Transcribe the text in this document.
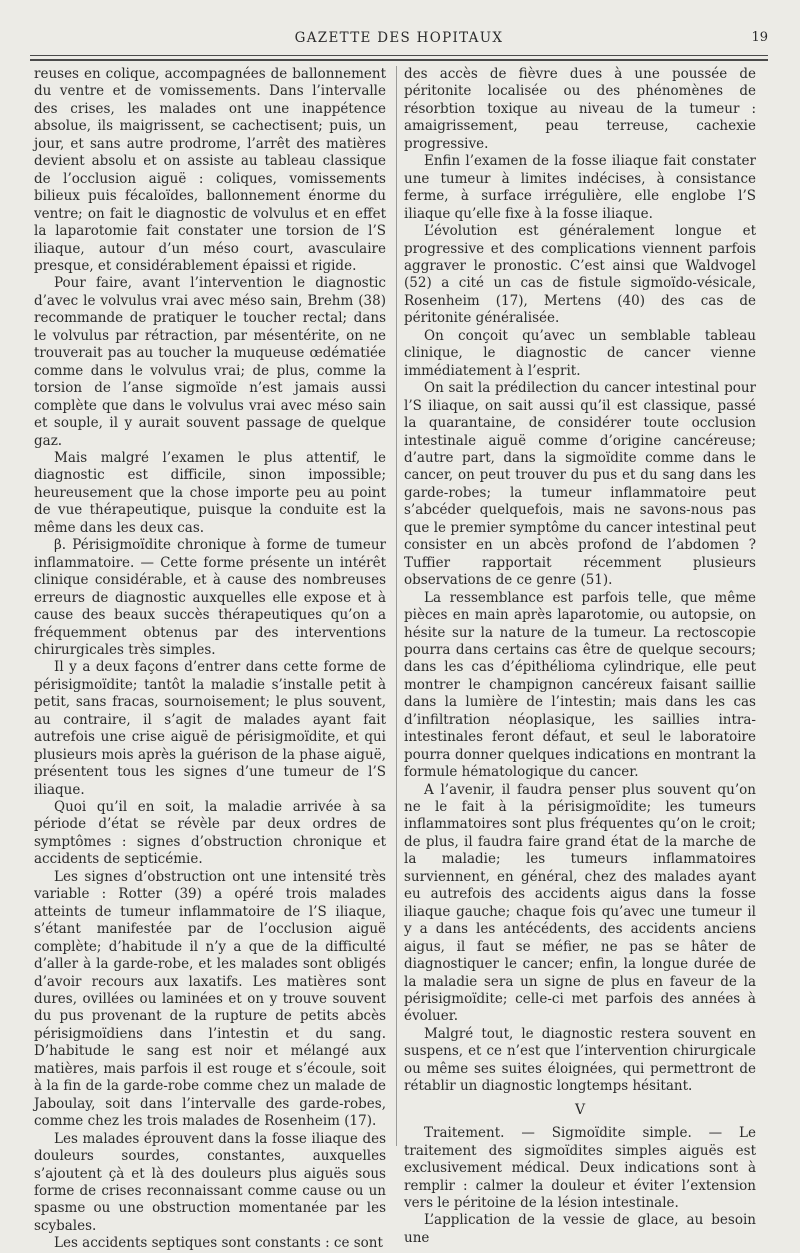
GAZETTE DES HOPITAUX	19

reuses en colique, accompagnées de ballonnement du ventre et de vomissements. Dans l’intervalle des crises, les malades ont une inappétence absolue, ils maigrissent, se cachectisent; puis, un jour, et sans autre prodrome, l’arrêt des matières devient absolu et on assiste au tableau classique de l’occlusion aiguë : coliques, vomissements bilieux puis fécaloïdes, ballonnement énorme du ventre; on fait le diagnostic de volvulus et en effet la laparotomie fait constater une torsion de l’S iliaque, autour d’un méso court, avasculaire presque, et considérablement épaissi et rigide.

Pour faire, avant l’intervention le diagnostic d’avec le volvulus vrai avec méso sain, Brehm (38) recommande de pratiquer le toucher rectal; dans le volvulus par rétraction, par mésentérite, on ne trouverait pas au toucher la muqueuse œdématiée comme dans le volvulus vrai; de plus, comme la torsion de l’anse sigmoïde n’est jamais aussi complète que dans le volvulus vrai avec méso sain et souple, il y aurait souvent passage de quelque gaz.

Mais malgré l’examen le plus attentif, le diagnostic est difficile, sinon impossible; heureusement que la chose importe peu au point de vue thérapeutique, puisque la conduite est la même dans les deux cas.

β. Périsigmoïdite chronique à forme de tumeur inflammatoire. — Cette forme présente un intérêt clinique considérable, et à cause des nombreuses erreurs de diagnostic auxquelles elle expose et à cause des beaux succès thérapeutiques qu’on a fréquemment obtenus par des interventions chirurgicales très simples.

Il y a deux façons d’entrer dans cette forme de périsigmoïdite; tantôt la maladie s’installe petit à petit, sans fracas, sournoisement; le plus souvent, au contraire, il s’agit de malades ayant fait autrefois une crise aiguë de périsigmoïdite, et qui plusieurs mois après la guérison de la phase aiguë, présentent tous les signes d’une tumeur de l’S iliaque.

Quoi qu’il en soit, la maladie arrivée à sa période d’état se révèle par deux ordres de symptômes : signes d’obstruction chronique et accidents de septicémie.

Les signes d’obstruction ont une intensité très variable : Rotter (39) a opéré trois malades atteints de tumeur inflammatoire de l’S iliaque, s’étant manifestée par de l’occlusion aiguë complète; d’habitude il n’y a que de la difficulté d’aller à la garde-robe, et les malades sont obligés d’avoir recours aux laxatifs. Les matières sont dures, ovillées ou laminées et on y trouve souvent du pus provenant de la rupture de petits abcès périsigmoïdiens dans l’intestin et du sang. D’habitude le sang est noir et mélangé aux matières, mais parfois il est rouge et s’écoule, soit à la fin de la garde-robe comme chez un malade de Jaboulay, soit dans l’intervalle des garde-robes, comme chez les trois malades de Rosenheim (17).

Les malades éprouvent dans la fosse iliaque des douleurs sourdes, constantes, auxquelles s’ajoutent çà et là des douleurs plus aiguës sous forme de crises reconnaissant comme cause ou un spasme ou une obstruction momentanée par les scybales.

Les accidents septiques sont constants : ce sont

des accès de fièvre dues à une poussée de péritonite localisée ou des phénomènes de résorbtion toxique au niveau de la tumeur : amaigrissement, peau terreuse, cachexie progressive.

Enfin l’examen de la fosse iliaque fait constater une tumeur à limites indécises, à consistance ferme, à surface irrégulière, elle englobe l’S iliaque qu’elle fixe à la fosse iliaque.

L’évolution est généralement longue et progressive et des complications viennent parfois aggraver le pronostic. C’est ainsi que Waldvogel (52) a cité un cas de fistule sigmoïdo-vésicale, Rosenheim (17), Mertens (40) des cas de péritonite généralisée.

On conçoit qu’avec un semblable tableau clinique, le diagnostic de cancer vienne immédiatement à l’esprit.

On sait la prédilection du cancer intestinal pour l’S iliaque, on sait aussi qu’il est classique, passé la quarantaine, de considérer toute occlusion intestinale aiguë comme d’origine cancéreuse; d’autre part, dans la sigmoïdite comme dans le cancer, on peut trouver du pus et du sang dans les garde-robes; la tumeur inflammatoire peut s’abcéder quelquefois, mais ne savons-nous pas que le premier symptôme du cancer intestinal peut consister en un abcès profond de l’abdomen ? Tuffier rapportait récemment plusieurs observations de ce genre (51).

La ressemblance est parfois telle, que même pièces en main après laparotomie, ou autopsie, on hésite sur la nature de la tumeur. La rectoscopie pourra dans certains cas être de quelque secours; dans les cas d’épithélioma cylindrique, elle peut montrer le champignon cancéreux faisant saillie dans la lumière de l’intestin; mais dans les cas d’infiltration néoplasique, les saillies intra-intestinales feront défaut, et seul le laboratoire pourra donner quelques indications en montrant la formule hématologique du cancer.

A l’avenir, il faudra penser plus souvent qu’on ne le fait à la périsigmoïdite; les tumeurs inflammatoires sont plus fréquentes qu’on le croit; de plus, il faudra faire grand état de la marche de la maladie; les tumeurs inflammatoires surviennent, en général, chez des malades ayant eu autrefois des accidents aigus dans la fosse iliaque gauche; chaque fois qu’avec une tumeur il y a dans les antécédents, des accidents anciens aigus, il faut se méfier, ne pas se hâter de diagnostiquer le cancer; enfin, la longue durée de la maladie sera un signe de plus en faveur de la périsigmoïdite; celle-ci met parfois des années à évoluer.

Malgré tout, le diagnostic restera souvent en suspens, et ce n’est que l’intervention chirurgicale ou même ses suites éloignées, qui permettront de rétablir un diagnostic longtemps hésitant.

V

Traitement. — Sigmoïdite simple. — Le traitement des sigmoïdites simples aiguës est exclusivement médical. Deux indications sont à remplir : calmer la douleur et éviter l’extension vers le péritoine de la lésion intestinale.

L’application de la vessie de glace, au besoin une
